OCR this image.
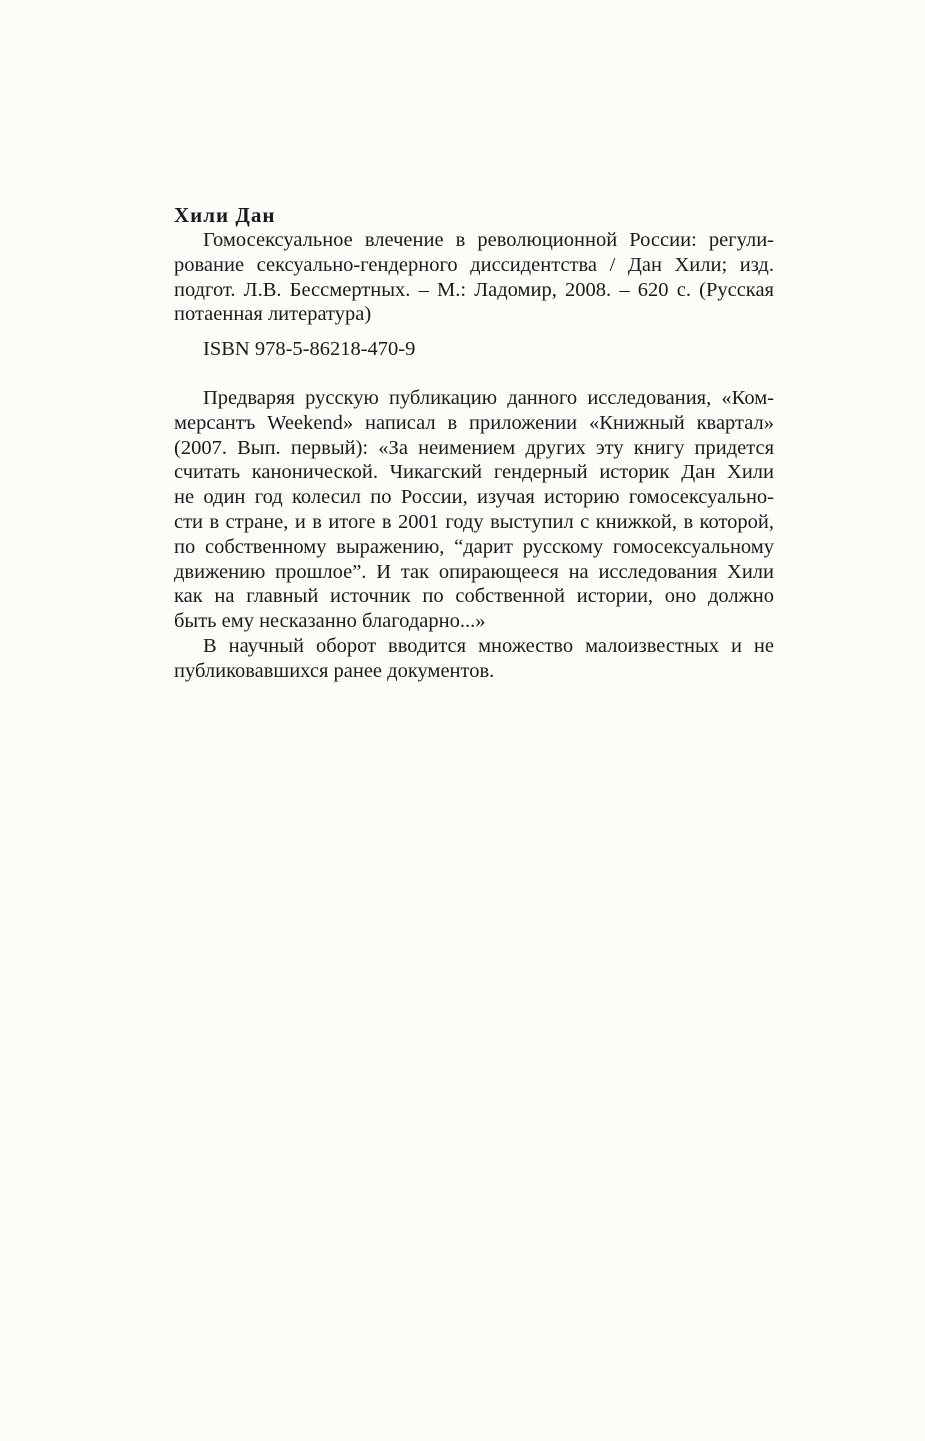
Хили Дан

Гомосексуальное влечение в революционной России: регули-
рование сексуально-гендерного диссидентства / Дан Хили; изд.
подгот. Л.В. Бессмертных. – М.: Ладомир, 2008. – 620 с. (Русская
потаенная литература)
ISBN 978-5-86218-470-9
Предваряя русскую публикацию данного исследования, «Ком-
мерсантъ Weekend» написал в приложении «Книжный квартал»
(2007. Вып. первый): «За неимением других эту книгу придется
считать канонической. Чикагский гендерный историк Дан Хили
не один год колесил по России, изучая историю гомосексуально-
сти в стране, и в итоге в 2001 году выступил с книжкой, в которой,
по собственному выражению, “дарит русскому гомосексуальному
движению прошлое”. И так опирающееся на исследования Хили
как на главный источник по собственной истории, оно должно
быть ему несказанно благодарно...»
В научный оборот вводится множество малоизвестных и не
публиковавшихся ранее документов.
